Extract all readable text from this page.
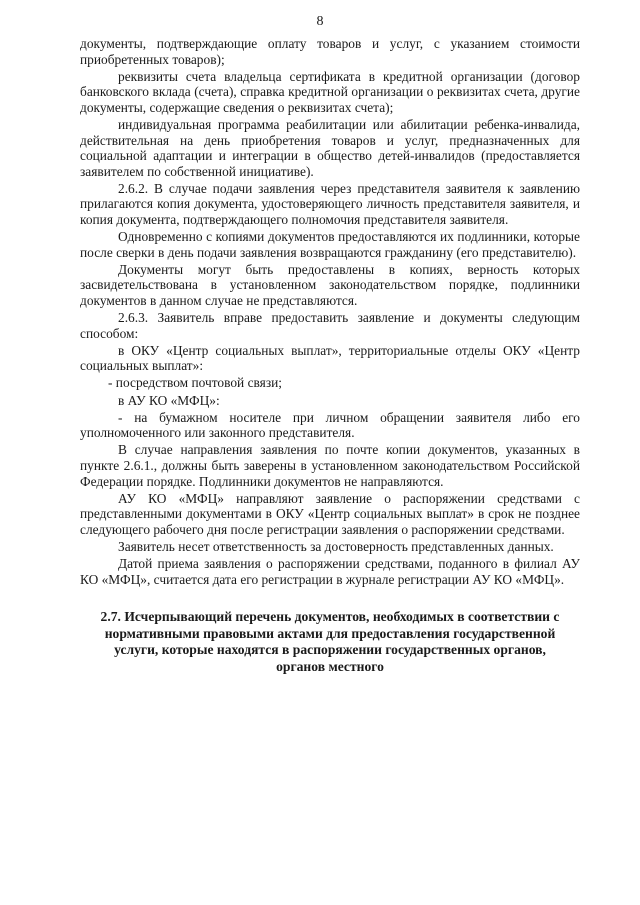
8

документы, подтверждающие оплату товаров и услуг, с указанием стоимости приобретенных товаров);

реквизиты счета владельца сертификата в кредитной организации (договор банковского вклада (счета), справка кредитной организации о реквизитах счета, другие документы, содержащие сведения о реквизитах счета);

индивидуальная программа реабилитации или абилитации ребенка-инвалида, действительная на день приобретения товаров и услуг, предназначенных для социальной адаптации и интеграции в общество детей-инвалидов (предоставляется заявителем по собственной инициативе).

2.6.2. В случае подачи заявления через представителя заявителя к заявлению прилагаются копия документа, удостоверяющего личность представителя заявителя, и копия документа, подтверждающего полномочия представителя заявителя.

Одновременно с копиями документов предоставляются их подлинники, которые после сверки в день подачи заявления возвращаются гражданину (его представителю).

Документы могут быть предоставлены в копиях, верность которых засвидетельствована в установленном законодательством порядке, подлинники документов в данном случае не представляются.

2.6.3. Заявитель вправе предоставить заявление и документы следующим способом:

в ОКУ «Центр социальных выплат», территориальные отделы ОКУ «Центр социальных выплат»:

- посредством почтовой связи;

в АУ КО «МФЦ»:

- на бумажном носителе при личном обращении заявителя либо его уполномоченного или законного представителя.

В случае направления заявления по почте копии документов, указанных в пункте 2.6.1., должны быть заверены в установленном законодательством Российской Федерации порядке. Подлинники документов не направляются.

АУ КО «МФЦ» направляют заявление о распоряжении средствами с представленными документами в ОКУ «Центр социальных выплат» в срок не позднее следующего рабочего дня после регистрации заявления о распоряжении средствами.

Заявитель несет ответственность за достоверность представленных данных.

Датой приема заявления о распоряжении средствами, поданного в филиал АУ КО «МФЦ», считается дата его регистрации в журнале регистрации АУ КО «МФЦ».

2.7. Исчерпывающий перечень документов, необходимых в соответствии с нормативными правовыми актами для предоставления государственной услуги, которые находятся в распоряжении государственных органов, органов местного
